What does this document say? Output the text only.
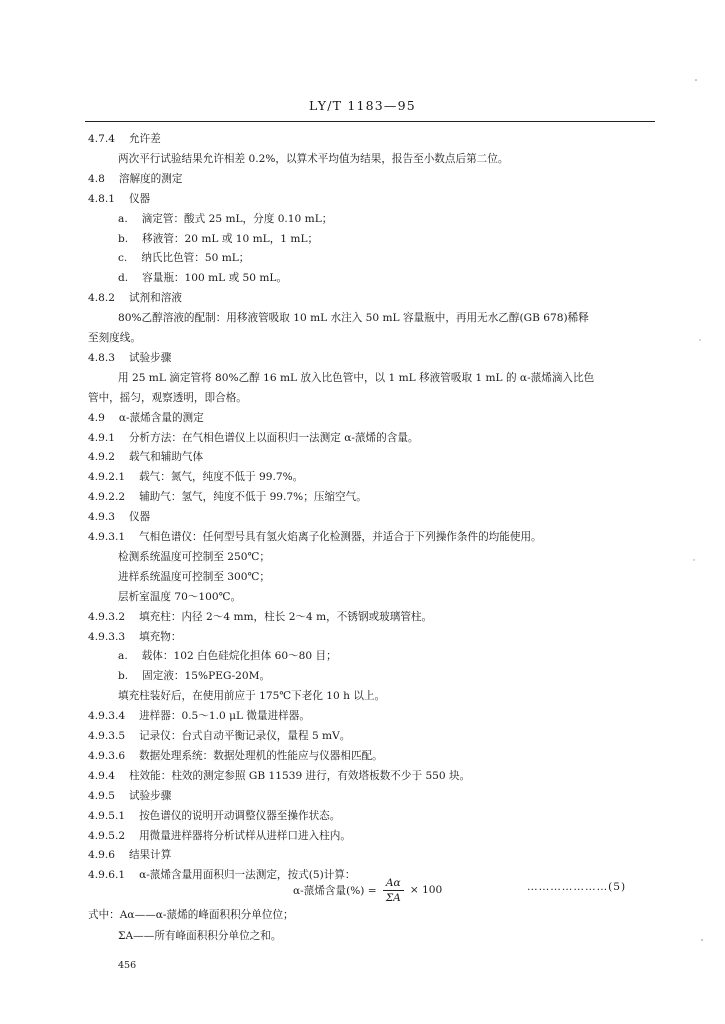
LY/T 1183—95
4.7.4 允许差
两次平行试验结果允许相差 0.2%，以算术平均值为结果，报告至小数点后第二位。
4.8 溶解度的测定
4.8.1 仪器
a. 滴定管：酸式 25 mL，分度 0.10 mL；
b. 移液管：20 mL 或 10 mL，1 mL；
c. 纳氏比色管：50 mL；
d. 容量瓶：100 mL 或 50 mL。
4.8.2 试剂和溶液
80%乙醇溶液的配制：用移液管吸取 10 mL 水注入 50 mL 容量瓶中，再用无水乙醇(GB 678)稀释
至刻度线。
4.8.3 试验步骤
用 25 mL 滴定管将 80%乙醇 16 mL 放入比色管中，以 1 mL 移液管吸取 1 mL 的 α-蒎烯滴入比色
管中，摇匀，观察透明，即合格。
4.9 α-蒎烯含量的测定
4.9.1 分析方法：在气相色谱仪上以面积归一法测定 α-蒎烯的含量。
4.9.2 载气和辅助气体
4.9.2.1 载气：氮气，纯度不低于 99.7%。
4.9.2.2 辅助气：氢气，纯度不低于 99.7%；压缩空气。
4.9.3 仪器
4.9.3.1 气相色谱仪：任何型号具有氢火焰离子化检测器，并适合于下列操作条件的均能使用。
检测系统温度可控制至 250℃；
进样系统温度可控制至 300℃；
层析室温度 70～100℃。
4.9.3.2 填充柱：内径 2～4 mm，柱长 2～4 m，不锈钢或玻璃管柱。
4.9.3.3 填充物：
a. 载体：102 白色硅烷化担体 60～80 目；
b. 固定液：15%PEG-20M。
填充柱装好后，在使用前应于 175℃下老化 10 h 以上。
4.9.3.4 进样器：0.5～1.0 μL 微量进样器。
4.9.3.5 记录仪：台式自动平衡记录仪，量程 5 mV。
4.9.3.6 数据处理系统：数据处理机的性能应与仪器相匹配。
4.9.4 柱效能：柱效的测定参照 GB 11539 进行，有效塔板数不少于 550 块。
4.9.5 试验步骤
4.9.5.1 按色谱仪的说明开动调整仪器至操作状态。
4.9.5.2 用微量进样器将分析试样从进样口进入柱内。
4.9.6 结果计算
4.9.6.1 α-蒎烯含量用面积归一法测定，按式(5)计算：
α-蒎烯含量(%) = $\frac{A\alpha}{\Sigma A} \times 100$	…………………(5)
式中：Aα——α-蒎烯的峰面积积分单位位；
ΣA——所有峰面积积分单位之和。
456
